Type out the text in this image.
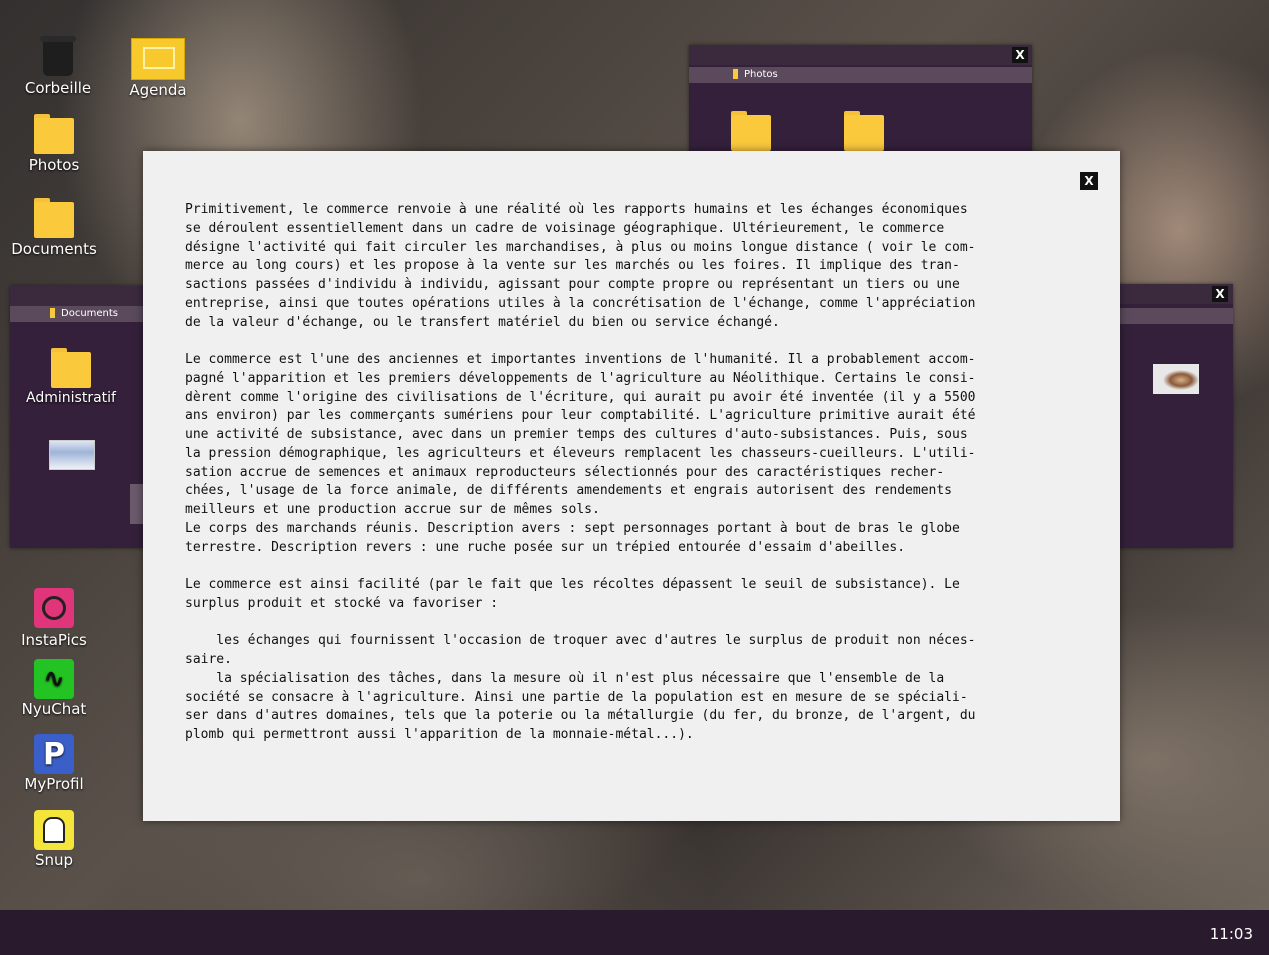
X
Photos
Documents
Administratif
X
Corbeille	Agenda
Photos
Documents
InstaPics
∿
NyuChat
P
MyProfil
Snup
X
Primitivement, le commerce renvoie à une réalité où les rapports humains et les échanges économiques
se déroulent essentiellement dans un cadre de voisinage géographique. Ultérieurement, le commerce
désigne l'activité qui fait circuler les marchandises, à plus ou moins longue distance ( voir le com-
merce au long cours) et les propose à la vente sur les marchés ou les foires. Il implique des tran-
sactions passées d'individu à individu, agissant pour compte propre ou représentant un tiers ou une
entreprise, ainsi que toutes opérations utiles à la concrétisation de l'échange, comme l'appréciation
de la valeur d'échange, ou le transfert matériel du bien ou service échangé.
Le commerce est l'une des anciennes et importantes inventions de l'humanité. Il a probablement accom-
pagné l'apparition et les premiers développements de l'agriculture au Néolithique. Certains le consi-
dèrent comme l'origine des civilisations de l'écriture, qui aurait pu avoir été inventée (il y a 5500
ans environ) par les commerçants sumériens pour leur comptabilité. L'agriculture primitive aurait été
une activité de subsistance, avec dans un premier temps des cultures d'auto-subsistances. Puis, sous
la pression démographique, les agriculteurs et éleveurs remplacent les chasseurs-cueilleurs. L'utili-
sation accrue de semences et animaux reproducteurs sélectionnés pour des caractéristiques recher-
chées, l'usage de la force animale, de différents amendements et engrais autorisent des rendements
meilleurs et une production accrue sur de mêmes sols.
Le corps des marchands réunis. Description avers : sept personnages portant à bout de bras le globe
terrestre. Description revers : une ruche posée sur un trépied entourée d'essaim d'abeilles.
Le commerce est ainsi facilité (par le fait que les récoltes dépassent le seuil de subsistance). Le
surplus produit et stocké va favoriser :
les échanges qui fournissent l'occasion de troquer avec d'autres le surplus de produit non néces-
saire.
la spécialisation des tâches, dans la mesure où il n'est plus nécessaire que l'ensemble de la
société se consacre à l'agriculture. Ainsi une partie de la population est en mesure de se spéciali-
ser dans d'autres domaines, tels que la poterie ou la métallurgie (du fer, du bronze, de l'argent, du
plomb qui permettront aussi l'apparition de la monnaie-métal...).
11:03
